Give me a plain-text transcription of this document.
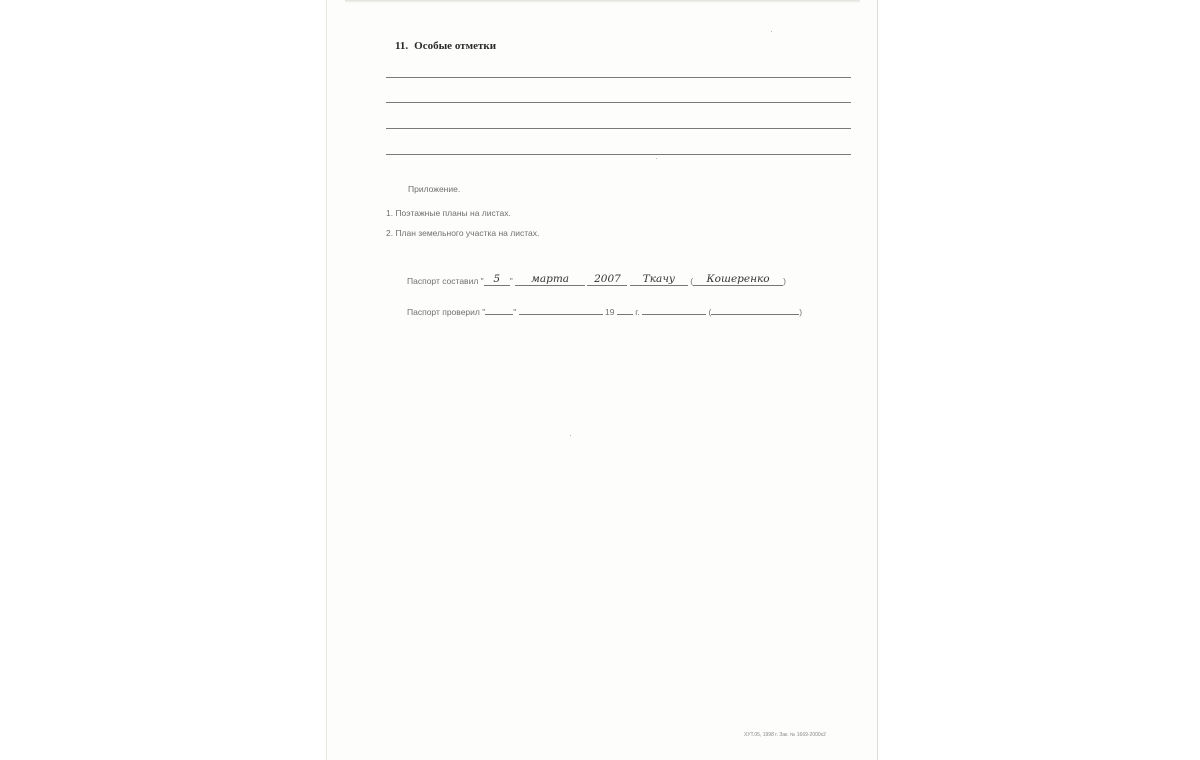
11. Особые отметки
Приложение.
1. Поэтажные планы на листах.
2. План земельного участка на листах.
Паспорт составил " 5 " марта 2007 Ткачу ( Кошеренко )
Паспорт проверил "	"	19 г.	(	)
ХУТ.05, 1998 г. Зак. № 1669-2000х2
